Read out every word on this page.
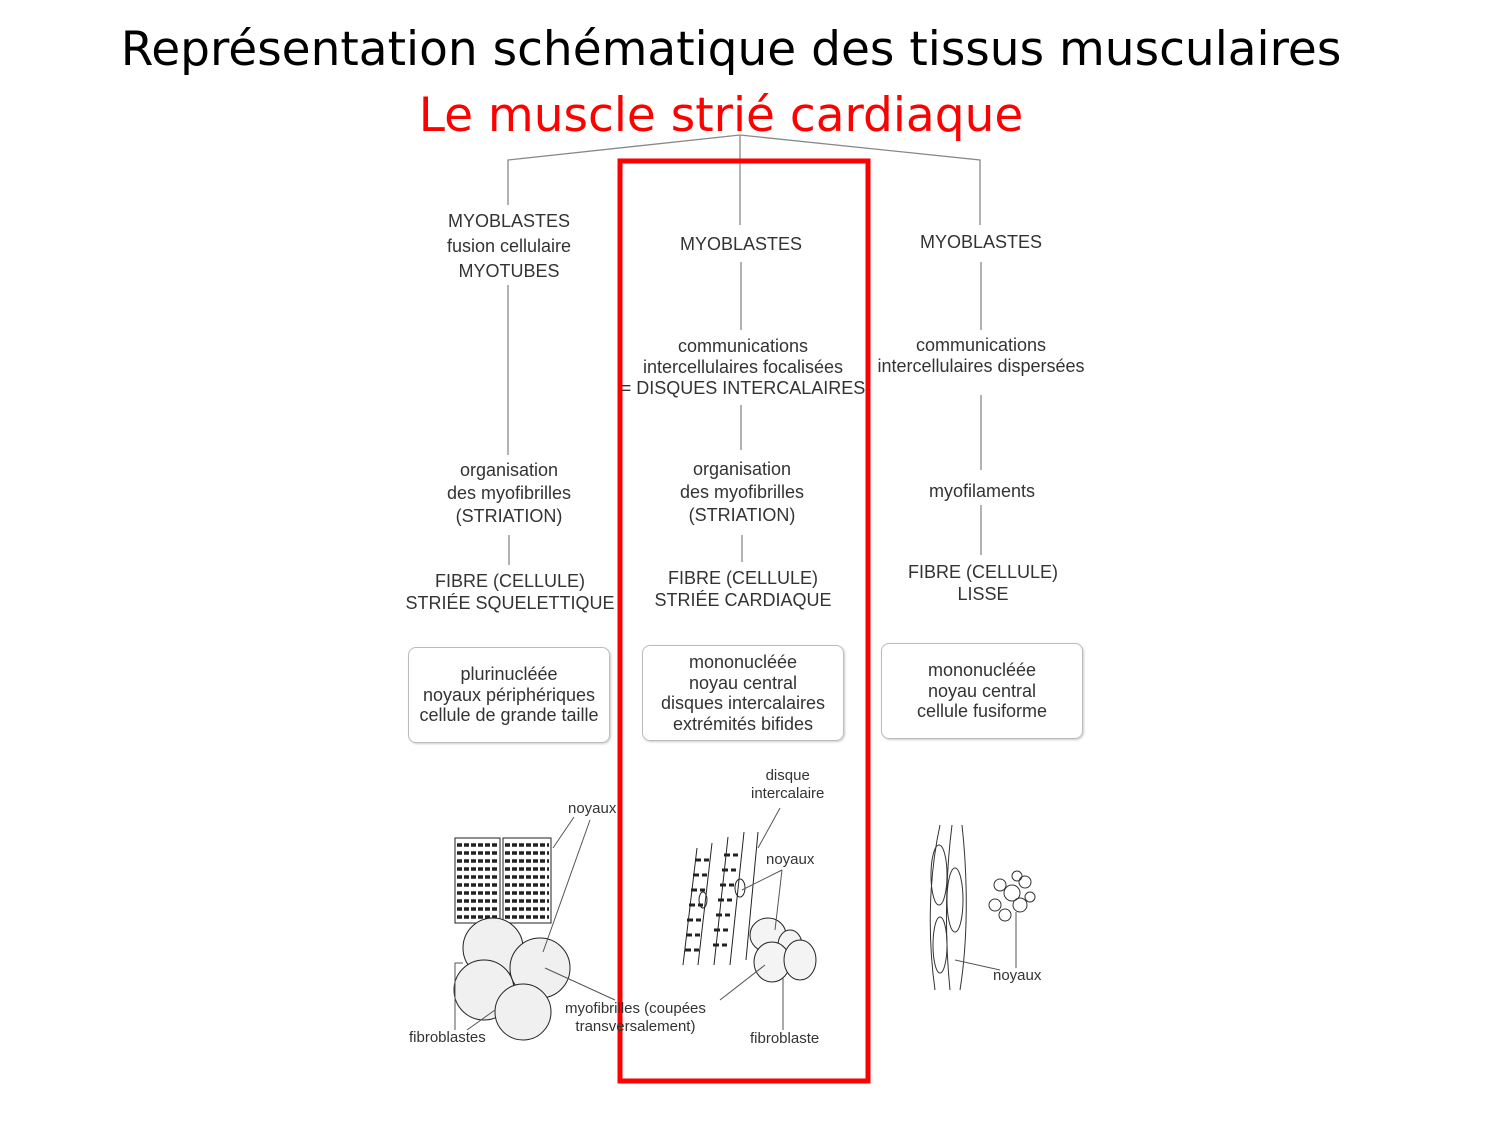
Représentation schématique des tissus musculaires
Le muscle strié cardiaque
MYOBLASTES
fusion cellulaire
MYOTUBES
organisation
des myofibrilles
(STRIATION)
FIBRE (CELLULE)
STRIÉE SQUELETTIQUE
plurinucléée
noyaux périphériques
cellule de grande taille
noyaux
fibroblastes
myofibrilles (coupées
transversalement)
MYOBLASTES
communications
intercellulaires focalisées
= DISQUES INTERCALAIRES
organisation
des myofibrilles
(STRIATION)
FIBRE (CELLULE)
STRIÉE CARDIAQUE
mononucléée
noyau central
disques intercalaires
extrémités bifides
disque
intercalaire
noyaux
fibroblaste
MYOBLASTES
communications
intercellulaires dispersées
myofilaments
FIBRE (CELLULE)
LISSE
mononucléée
noyau central
cellule fusiforme
noyaux
